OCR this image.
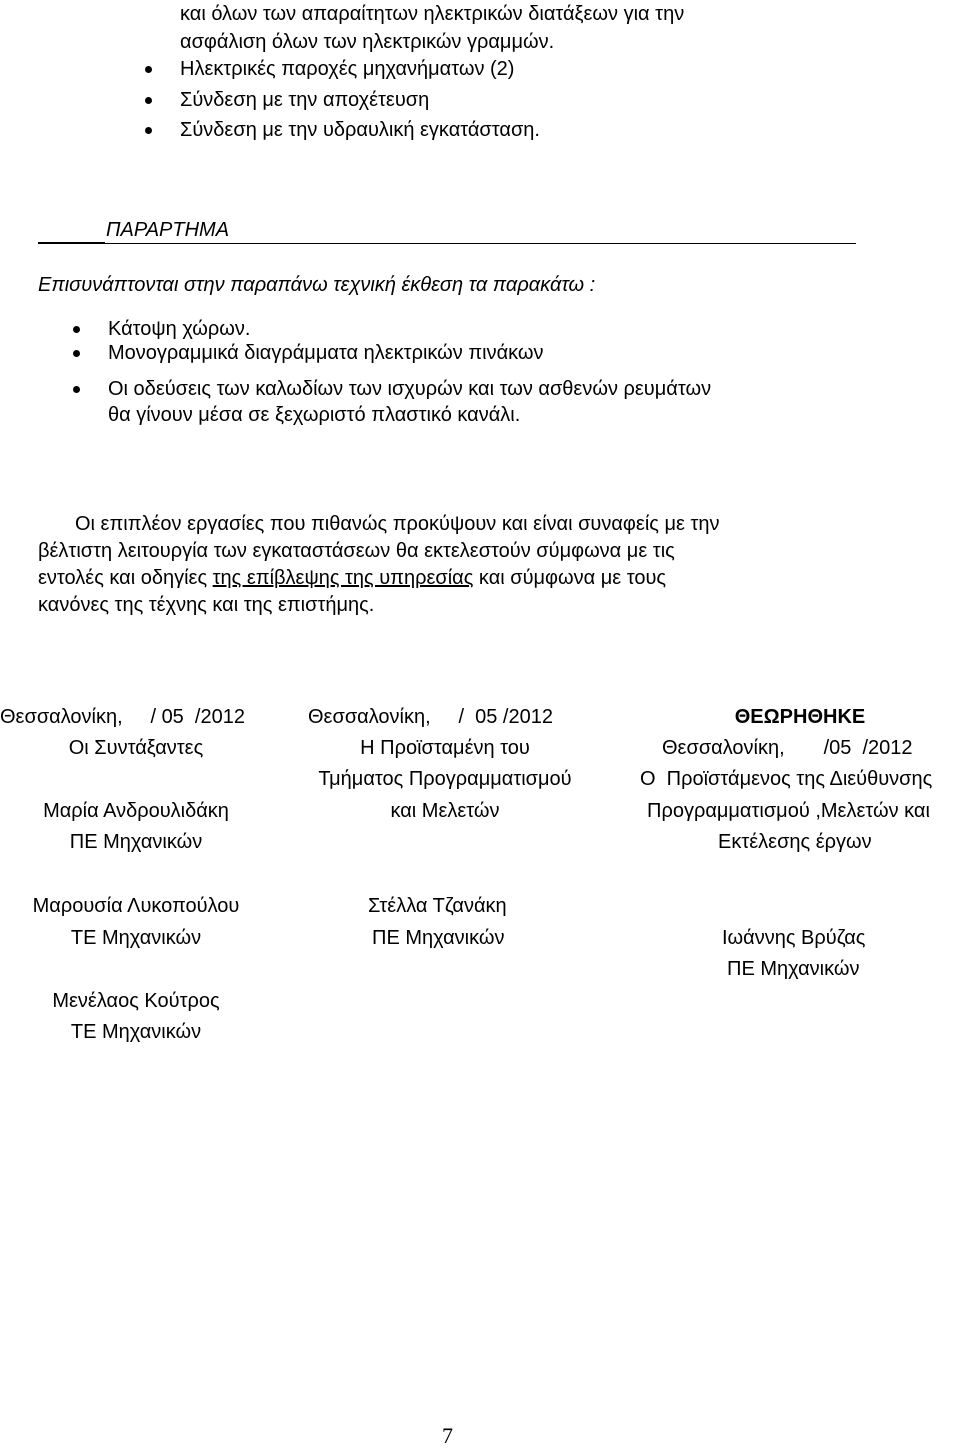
και όλων των απαραίτητων ηλεκτρικών διατάξεων για την
ασφάλιση όλων των ηλεκτρικών γραμμών.
Ηλεκτρικές παροχές μηχανήματων (2)
Σύνδεση με την αποχέτευση
Σύνδεση με την υδραυλική εγκατάσταση.
ΠΑΡΑΡΤΗΜΑ
Επισυνάπτονται στην παραπάνω τεχνική έκθεση τα παρακάτω :
Κάτοψη χώρων.
Μονογραμμικά διαγράμματα ηλεκτρικών πινάκων
Οι οδεύσεις των καλωδίων των ισχυρών και των ασθενών ρευμάτων
θα γίνουν μέσα σε ξεχωριστό πλαστικό κανάλι.
Οι επιπλέον εργασίες που πιθανώς προκύψουν και είναι συναφείς με την
βέλτιστη λειτουργία των εγκαταστάσεων θα εκτελεστούν σύμφωνα με τις
εντολές και οδηγίες της επίβλεψης της υπηρεσίας και σύμφωνα με τους
κανόνες της τέχνης και της επιστήμης.
Θεσσαλονίκη,     / 05  /2012
Οι Συντάξαντες
Μαρία Ανδρουλιδάκη
ΠΕ Μηχανικών
Μαρουσία Λυκοπούλου
ΤΕ Μηχανικών
Μενέλαος Κούτρος
ΤΕ Μηχανικών
Θεσσαλονίκη,     /  05 /2012
Η Προϊσταμένη του
Τμήματος Προγραμματισμού
και Μελετών
Στέλλα Τζανάκη
ΠΕ Μηχανικών
ΘΕΩΡΗΘΗΚΕ
Θεσσαλονίκη,       /05  /2012
Ο  Προϊστάμενος της Διεύθυνσης
Προγραμματισμού ,Μελετών και
Εκτέλεσης έργων
Ιωάννης Βρύζας
ΠΕ Μηχανικών
7
